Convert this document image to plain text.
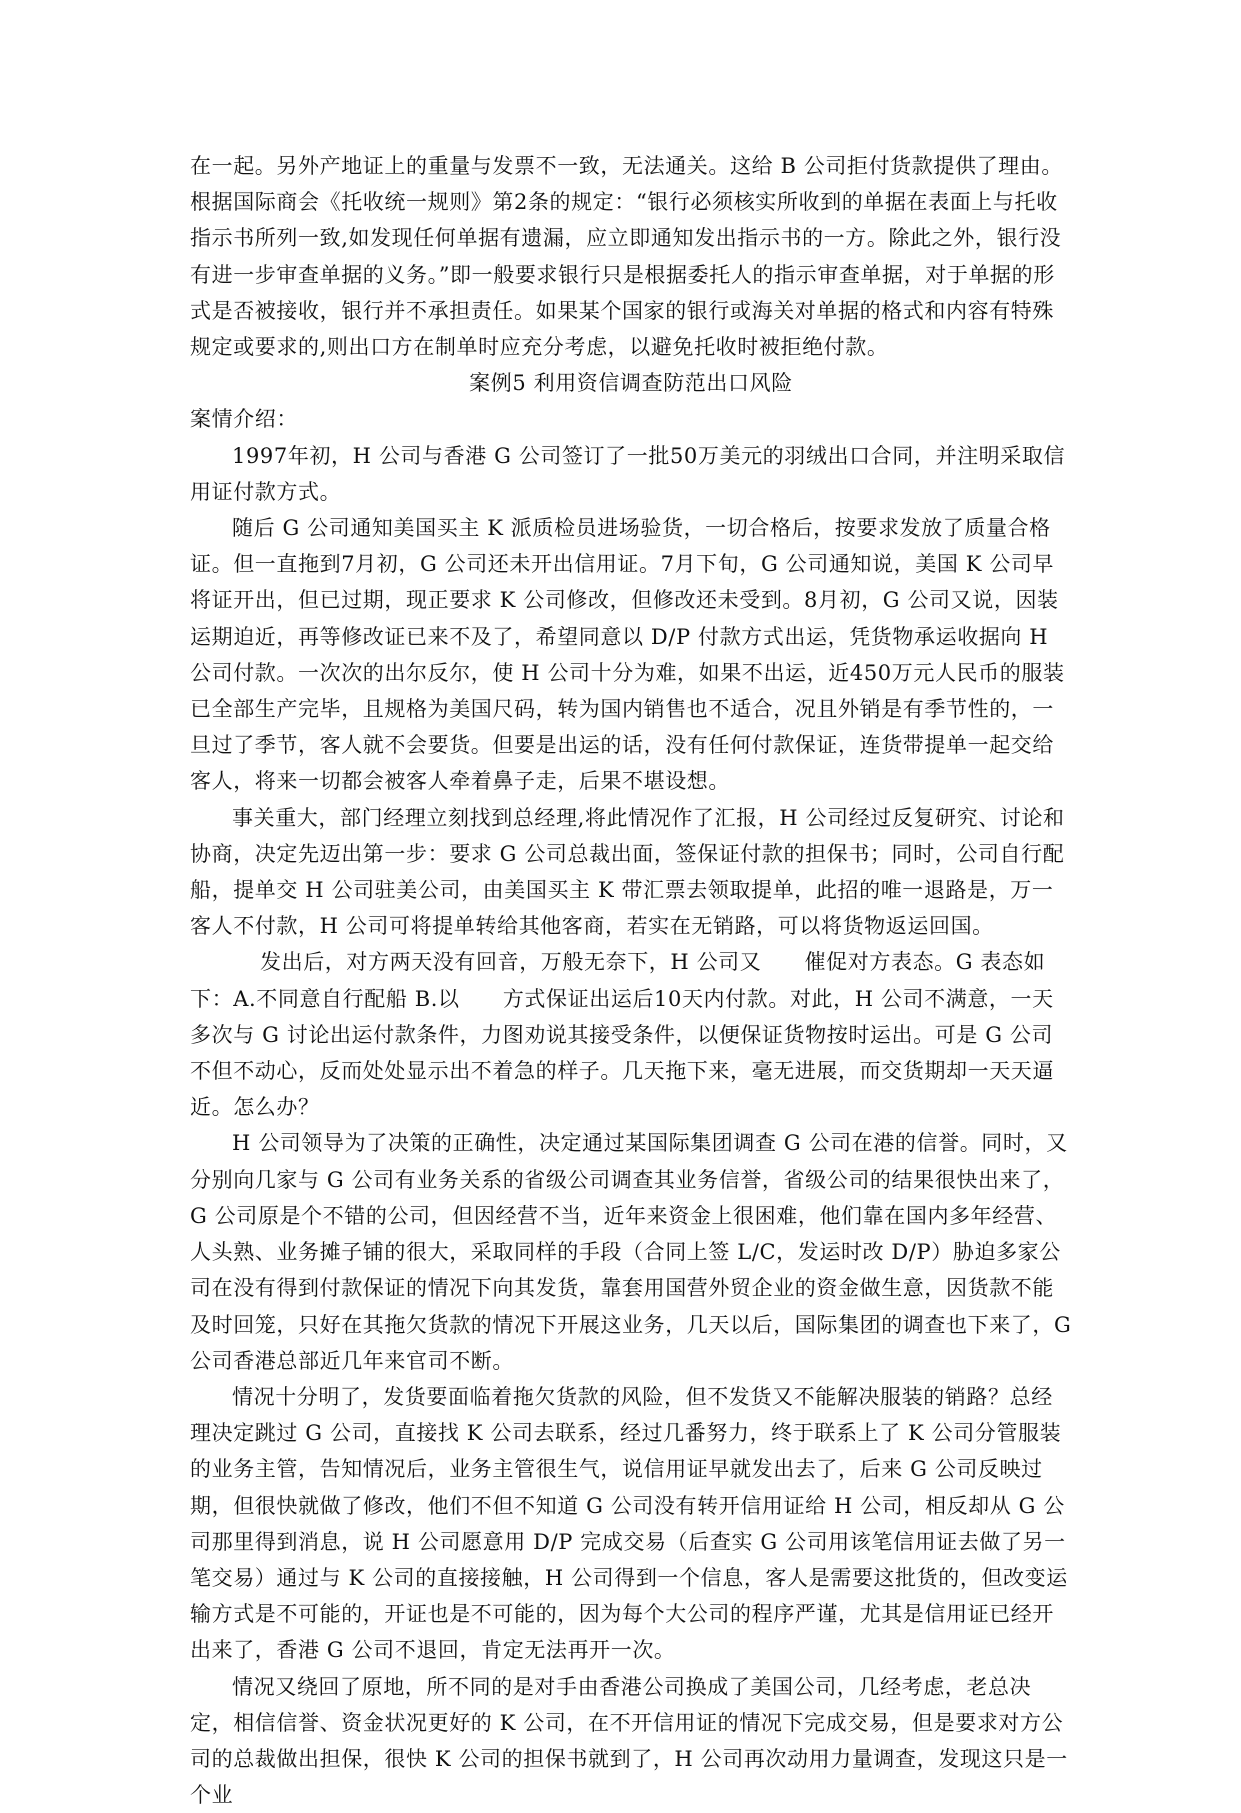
在一起。另外产地证上的重量与发票不一致，无法通关。这给 B 公司拒付货款提供了理由。根据国际商会《托收统一规则》第2条的规定：“银行必须核实所收到的单据在表面上与托收指示书所列一致,如发现任何单据有遗漏，应立即通知发出指示书的一方。除此之外，银行没有进一步审查单据的义务。”即一般要求银行只是根据委托人的指示审查单据，对于单据的形式是否被接收，银行并不承担责任。如果某个国家的银行或海关对单据的格式和内容有特殊规定或要求的,则出口方在制单时应充分考虑，以避免托收时被拒绝付款。

案例5 利用资信调查防范出口风险

案情介绍：

1997年初，H 公司与香港 G 公司签订了一批50万美元的羽绒出口合同，并注明采取信用证付款方式。

随后 G 公司通知美国买主 K 派质检员进场验货，一切合格后，按要求发放了质量合格证。但一直拖到7月初，G 公司还未开出信用证。7月下旬，G 公司通知说，美国 K 公司早将证开出，但已过期，现正要求 K 公司修改，但修改还未受到。8月初，G 公司又说，因装运期迫近，再等修改证已来不及了，希望同意以 D/P 付款方式出运，凭货物承运收据向 H 公司付款。一次次的出尔反尔，使 H 公司十分为难，如果不出运，近450万元人民币的服装已全部生产完毕，且规格为美国尺码，转为国内销售也不适合，况且外销是有季节性的，一旦过了季节，客人就不会要货。但要是出运的话，没有任何付款保证，连货带提单一起交给客人，将来一切都会被客人牵着鼻子走，后果不堪设想。

事关重大，部门经理立刻找到总经理,将此情况作了汇报，H 公司经过反复研究、讨论和协商，决定先迈出第一步：要求 G 公司总裁出面，签保证付款的担保书；同时，公司自行配船，提单交 H 公司驻美公司，由美国买主 K 带汇票去领取提单，此招的唯一退路是，万一客人不付款，H 公司可将提单转给其他客商，若实在无销路，可以将货物返运回国。

发出后，对方两天没有回音，万般无奈下，H 公司又　　催促对方表态。G 表态如下：A.不同意自行配船 B.以　　方式保证出运后10天内付款。对此，H 公司不满意，一天多次与 G 讨论出运付款条件，力图劝说其接受条件，以便保证货物按时运出。可是 G 公司不但不动心，反而处处显示出不着急的样子。几天拖下来，毫无进展，而交货期却一天天逼近。怎么办？

H 公司领导为了决策的正确性，决定通过某国际集团调查 G 公司在港的信誉。同时，又分别向几家与 G 公司有业务关系的省级公司调查其业务信誉，省级公司的结果很快出来了，G 公司原是个不错的公司，但因经营不当，近年来资金上很困难，他们靠在国内多年经营、人头熟、业务摊子铺的很大，采取同样的手段（合同上签 L/C，发运时改 D/P）胁迫多家公司在没有得到付款保证的情况下向其发货，靠套用国营外贸企业的资金做生意，因货款不能及时回笼，只好在其拖欠货款的情况下开展这业务，几天以后，国际集团的调查也下来了，G 公司香港总部近几年来官司不断。

情况十分明了，发货要面临着拖欠货款的风险，但不发货又不能解决服装的销路？总经理决定跳过 G 公司，直接找 K 公司去联系，经过几番努力，终于联系上了 K 公司分管服装的业务主管，告知情况后，业务主管很生气，说信用证早就发出去了，后来 G 公司反映过期，但很快就做了修改，他们不但不知道 G 公司没有转开信用证给 H 公司，相反却从 G 公司那里得到消息，说 H 公司愿意用 D/P 完成交易（后查实 G 公司用该笔信用证去做了另一笔交易）通过与 K 公司的直接接触，H 公司得到一个信息，客人是需要这批货的，但改变运输方式是不可能的，开证也是不可能的，因为每个大公司的程序严谨，尤其是信用证已经开出来了，香港 G 公司不退回，肯定无法再开一次。

情况又绕回了原地，所不同的是对手由香港公司换成了美国公司，几经考虑，老总决定，相信信誉、资金状况更好的 K 公司，在不开信用证的情况下完成交易，但是要求对方公司的总裁做出担保，很快 K 公司的担保书就到了，H 公司再次动用力量调查，发现这只是一个业
